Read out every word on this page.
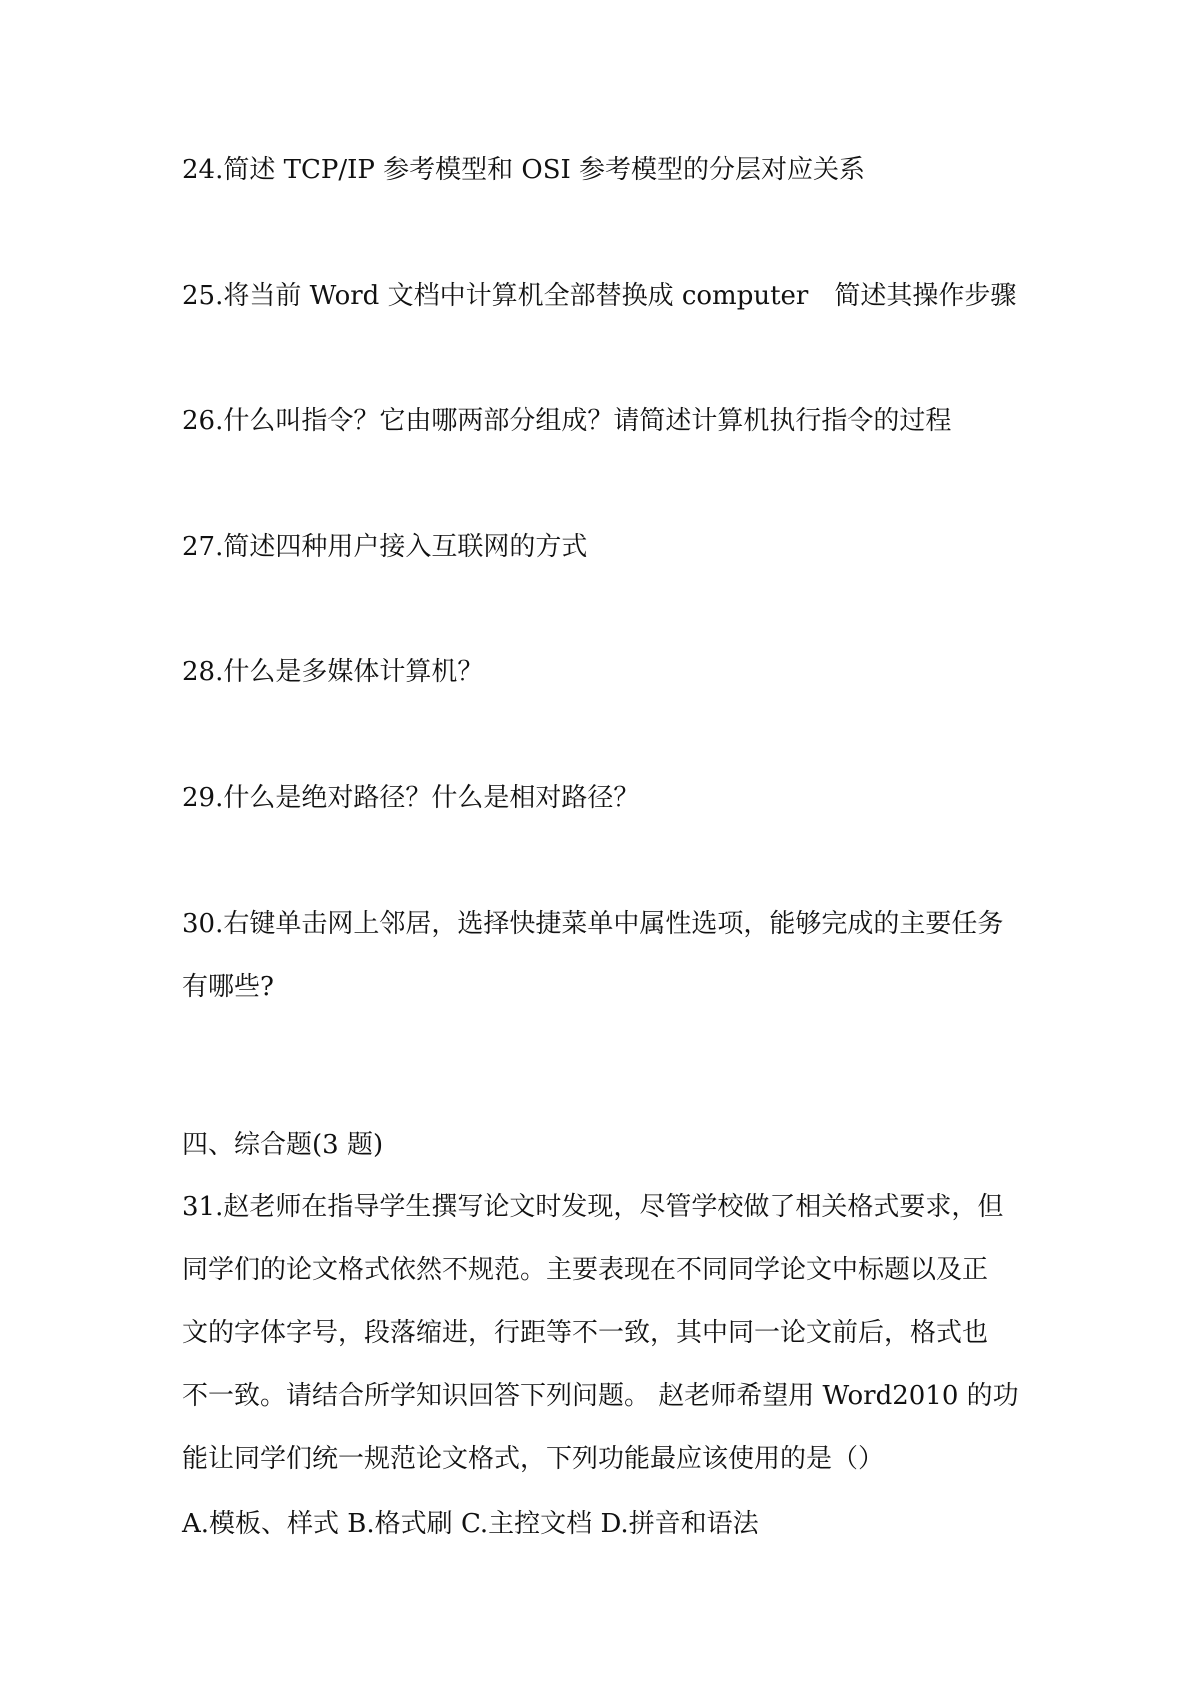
24.简述 TCP/IP 参考模型和 OSI 参考模型的分层对应关系

25.将当前 Word 文档中计算机全部替换成 computer　简述其操作步骤

26.什么叫指令？它由哪两部分组成？请简述计算机执行指令的过程

27.简述四种用户接入互联网的方式

28.什么是多媒体计算机？

29.什么是绝对路径？什么是相对路径？

30.右键单击网上邻居，选择快捷菜单中属性选项，能够完成的主要任务

有哪些?

四、综合题(3 题)

31.赵老师在指导学生撰写论文时发现，尽管学校做了相关格式要求，但
同学们的论文格式依然不规范。主要表现在不同同学论文中标题以及正
文的字体字号，段落缩进，行距等不一致，其中同一论文前后，格式也
不一致。请结合所学知识回答下列问题。 赵老师希望用 Word2010 的功
能让同学们统一规范论文格式，下列功能最应该使用的是（）

A.模板、样式 B.格式刷 C.主控文档 D.拼音和语法
